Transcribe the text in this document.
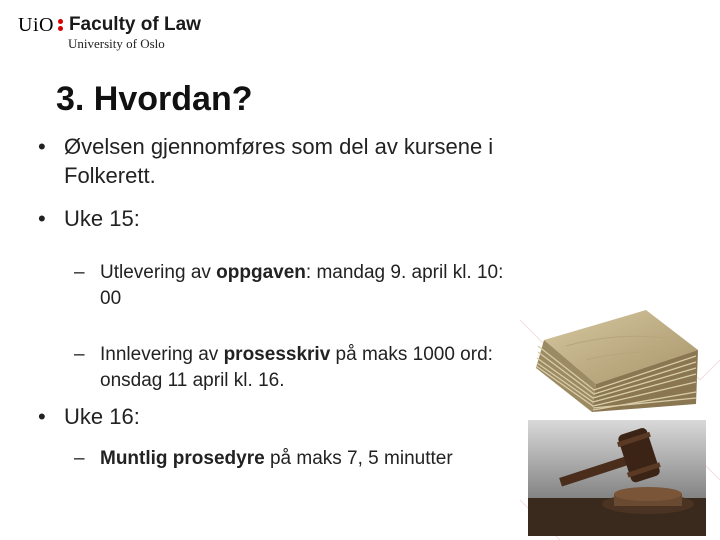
UiO Faculty of Law
University of Oslo
3. Hvordan?
• Øvelsen gjennomføres som del av kursene i Folkerett.
• Uke 15:
– Utlevering av oppgaven: mandag 9. april kl. 10: 00
– Innlevering av prosesskriv på maks 1000 ord: onsdag 11 april kl. 16.
• Uke 16:
– Muntlig prosedyre på maks 7, 5 minutter
